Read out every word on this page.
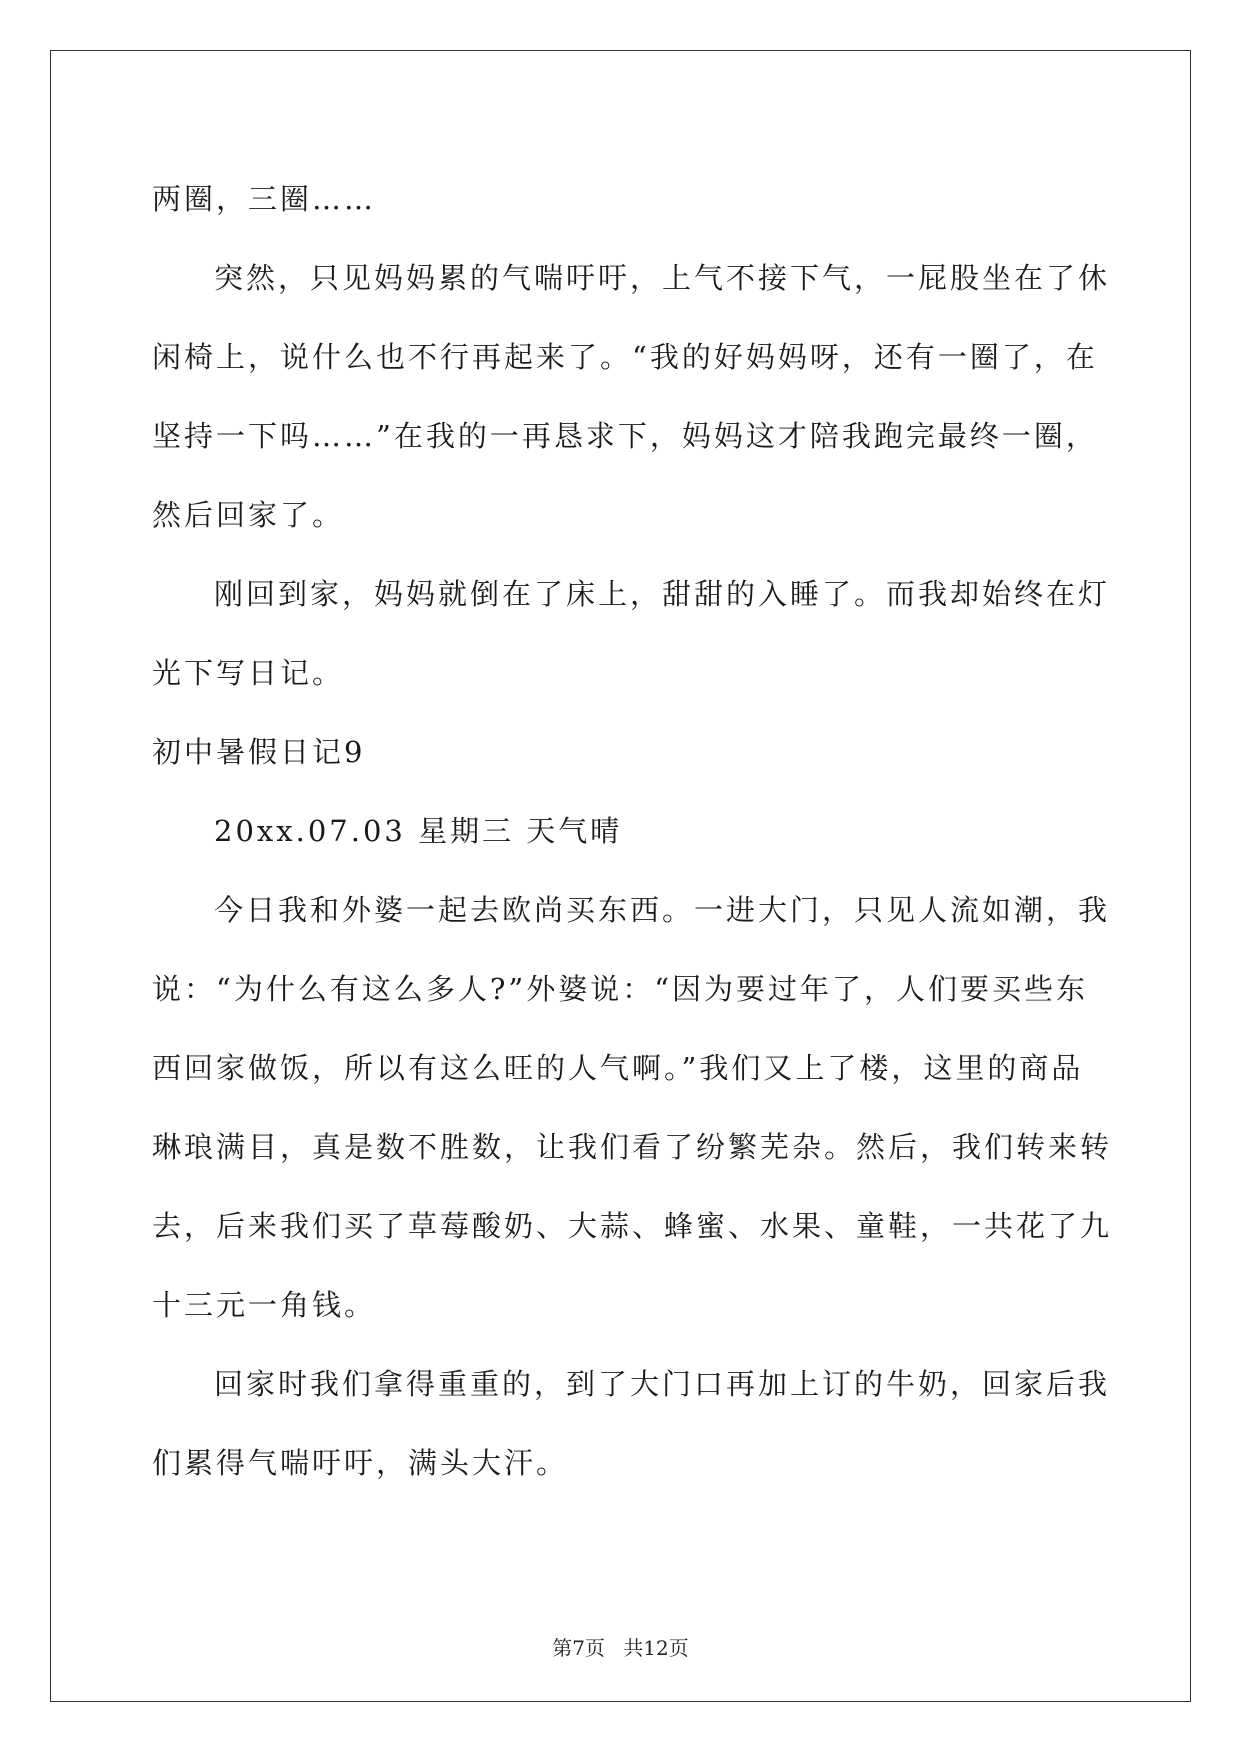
两圈，三圈……

突然，只见妈妈累的气喘吁吁，上气不接下气，一屁股坐在了休
闲椅上，说什么也不行再起来了。“我的好妈妈呀，还有一圈了，在
坚持一下吗……”在我的一再恳求下，妈妈这才陪我跑完最终一圈，
然后回家了。

刚回到家，妈妈就倒在了床上，甜甜的入睡了。而我却始终在灯
光下写日记。

初中暑假日记9

20xx.07.03 星期三 天气晴

今日我和外婆一起去欧尚买东西。一进大门，只见人流如潮，我
说：“为什么有这么多人?”外婆说：“因为要过年了，人们要买些东
西回家做饭，所以有这么旺的人气啊。”我们又上了楼，这里的商品
琳琅满目，真是数不胜数，让我们看了纷繁芜杂。然后，我们转来转
去，后来我们买了草莓酸奶、大蒜、蜂蜜、水果、童鞋，一共花了九
十三元一角钱。

回家时我们拿得重重的，到了大门口再加上订的牛奶，回家后我
们累得气喘吁吁，满头大汗。

第7页 共12页
